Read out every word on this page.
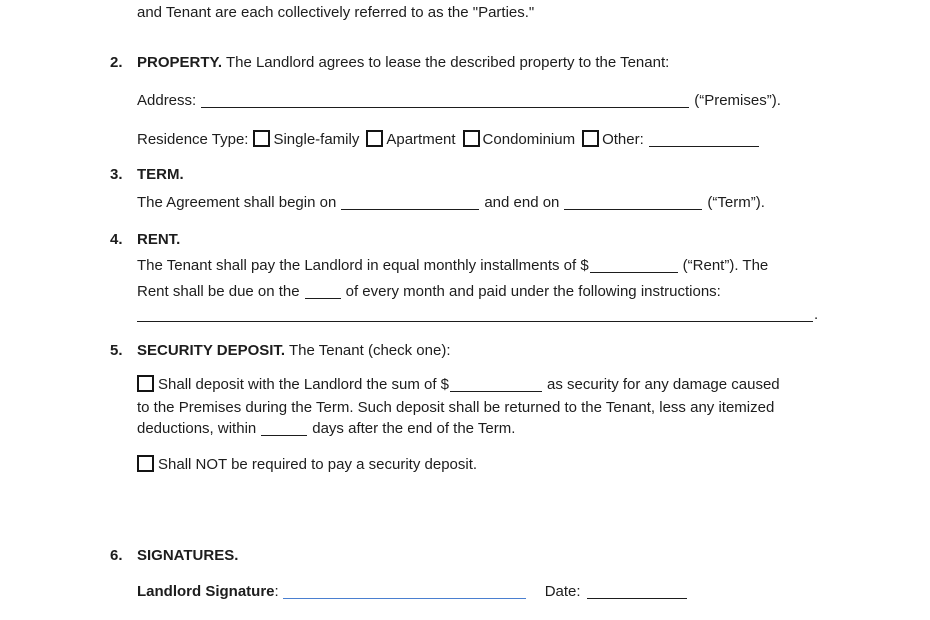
and Tenant are each collectively referred to as the "Parties."
2. PROPERTY. The Landlord agrees to lease the described property to the Tenant:
Address:	(“Premises”).
Residence Type: Single-family Apartment Condominium Other:
3. TERM.
The Agreement shall begin on	and end on	(“Term”).
4. RENT.
The Tenant shall pay the Landlord in equal monthly installments of $	(“Rent”). The
Rent shall be due on the	of every month and paid under the following instructions:
.
5. SECURITY DEPOSIT. The Tenant (check one):
Shall deposit with the Landlord the sum of $	as security for any damage caused
to the Premises during the Term. Such deposit shall be returned to the Tenant, less any itemized
deductions, within	days after the end of the Term.
Shall NOT be required to pay a security deposit.
6. SIGNATURES.
Landlord Signature:	Date:
